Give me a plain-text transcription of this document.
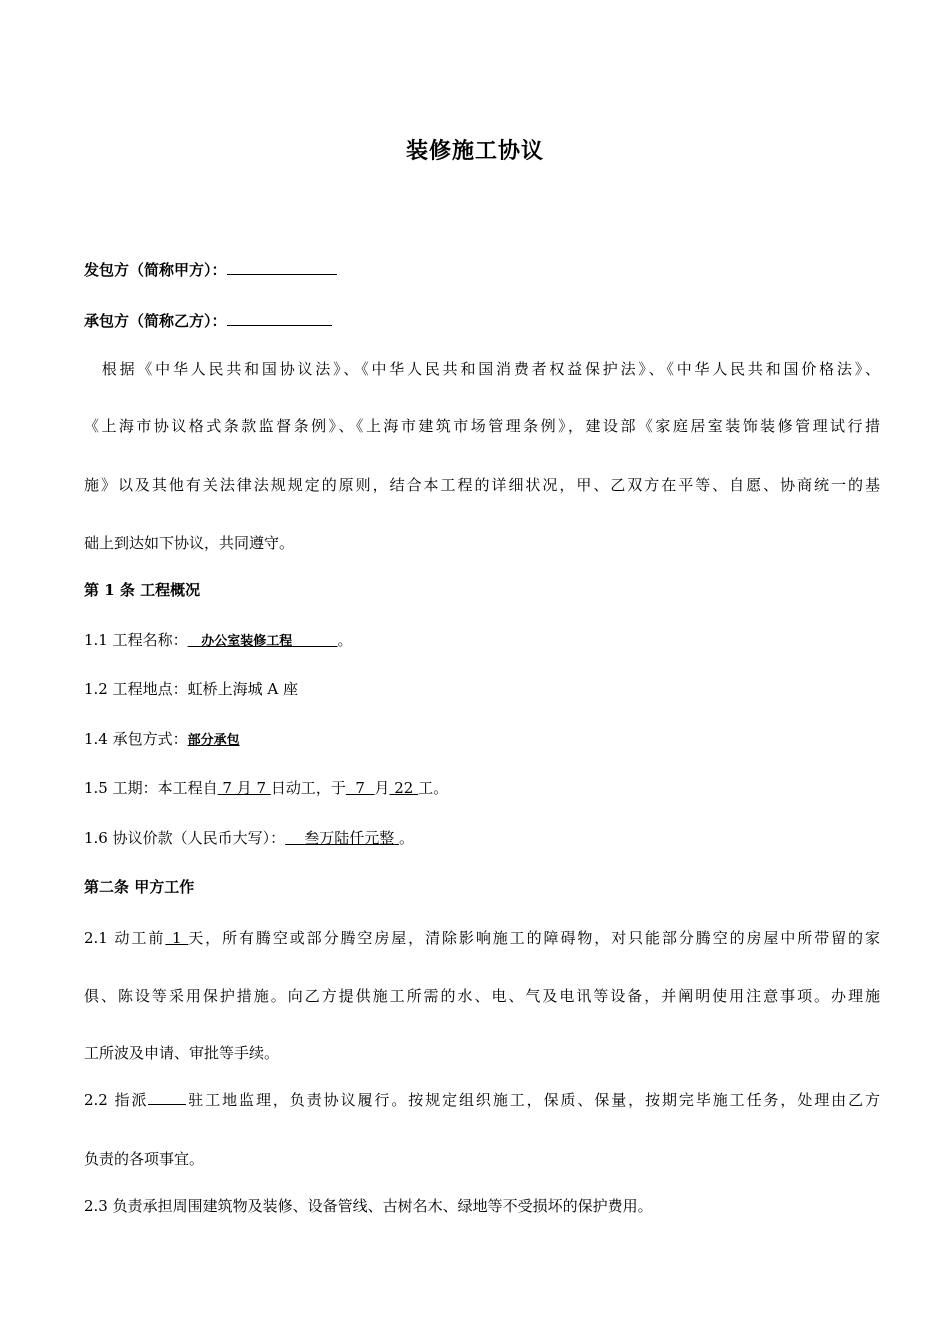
装修施工协议
发包方（简称甲方）：
承包方（简称乙方）：
　根据《中华人民共和国协议法》、《中华人民共和国消费者权益保护法》、《中华人民共和国价格法》、
《上海市协议格式条款监督条例》、《上海市建筑市场管理条例》，建设部《家庭居室装饰装修管理试行措
施》以及其他有关法律法规规定的原则，结合本工程的详细状况，甲、乙双方在平等、自愿、协商统一的基
础上到达如下协议，共同遵守。
第 1 条 工程概况
1.1 工程名称： 办公室装修工程	。
1.2 工程地点：虹桥上海城 A 座
1.4 承包方式：部分承包
1.5 工期：本工程自 7 月 7 日动工，于 7 月 22 工。
1.6 协议价款（人民币大写）： 叁万陆仟元整 。
第二条 甲方工作
2.1 动工前 1 天，所有腾空或部分腾空房屋，清除影响施工的障碍物，对只能部分腾空的房屋中所带留的家
俱、陈设等采用保护措施。向乙方提供施工所需的水、电、气及电讯等设备，并阐明使用注意事项。办理施
工所波及申请、审批等手续。
2.2 指派	驻工地监理，负责协议履行。按规定组织施工，保质、保量，按期完毕施工任务，处理由乙方
负责的各项事宜。
2.3 负责承担周围建筑物及装修、设备管线、古树名木、绿地等不受损坏的保护费用。
